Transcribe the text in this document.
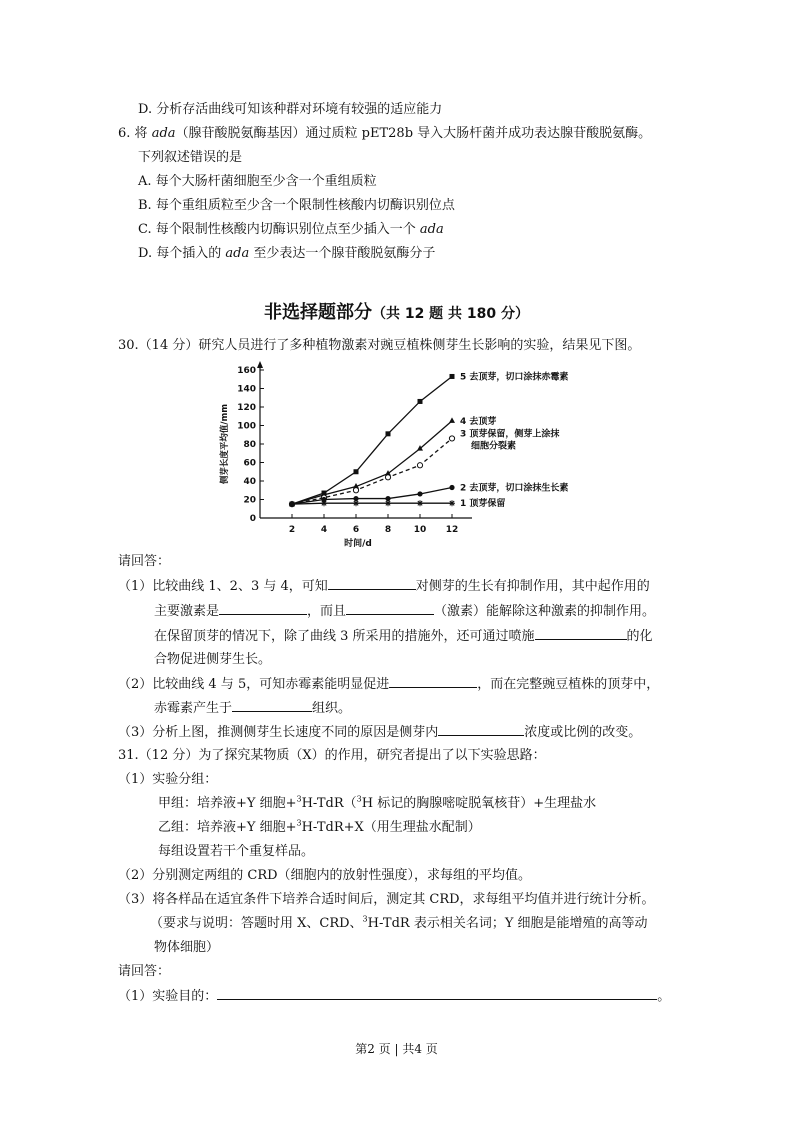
D. 分析存活曲线可知该种群对环境有较强的适应能力
6. 将 ada（腺苷酸脱氨酶基因）通过质粒 pET28b 导入大肠杆菌并成功表达腺苷酸脱氨酶。
下列叙述错误的是
A. 每个大肠杆菌细胞至少含一个重组质粒
B. 每个重组质粒至少含一个限制性核酸内切酶识别位点
C. 每个限制性核酸内切酶识别位点至少插入一个 ada
D. 每个插入的 ada 至少表达一个腺苷酸脱氨酶分子
非选择题部分（共 12 题 共 180 分）
30.（14 分）研究人员进行了多种植物激素对豌豆植株侧芽生长影响的实验，结果见下图。
0
20
40
60
80
100
120
140
160
2	4	6	8	10 12
时间/d
侧芽长度平均值/mm
5 去顶芽，切口涂抹赤霉素
4 去顶芽
3 顶芽保留，侧芽上涂抹
细胞分裂素
2 去顶芽，切口涂抹生长素
1 顶芽保留
请回答：
（1）比较曲线 1、2、3 与 4，可知	对侧芽的生长有抑制作用，其中起作用的
主要激素是	，而且	（激素）能解除这种激素的抑制作用。
在保留顶芽的情况下，除了曲线 3 所采用的措施外，还可通过喷施	的化
合物促进侧芽生长。
（2）比较曲线 4 与 5，可知赤霉素能明显促进	，而在完整豌豆植株的顶芽中，
赤霉素产生于	组织。
（3）分析上图，推测侧芽生长速度不同的原因是侧芽内	浓度或比例的改变。
31.（12 分）为了探究某物质（X）的作用，研究者提出了以下实验思路：
（1）实验分组：
甲组：培养液+Y 细胞+$^3$H-TdR（$^3$H 标记的胸腺嘧啶脱氧核苷）+生理盐水
乙组：培养液+Y 细胞+$^3$H-TdR+X（用生理盐水配制）
每组设置若干个重复样品。
（2）分别测定两组的 CRD（细胞内的放射性强度），求每组的平均值。
（3）将各样品在适宜条件下培养合适时间后，测定其 CRD，求每组平均值并进行统计分析。
（要求与说明：答题时用 X、CRD、$^3$H-TdR 表示相关名词；Y 细胞是能增殖的高等动
物体细胞）
请回答：
（1）实验目的：	。
第2 页 | 共4 页
